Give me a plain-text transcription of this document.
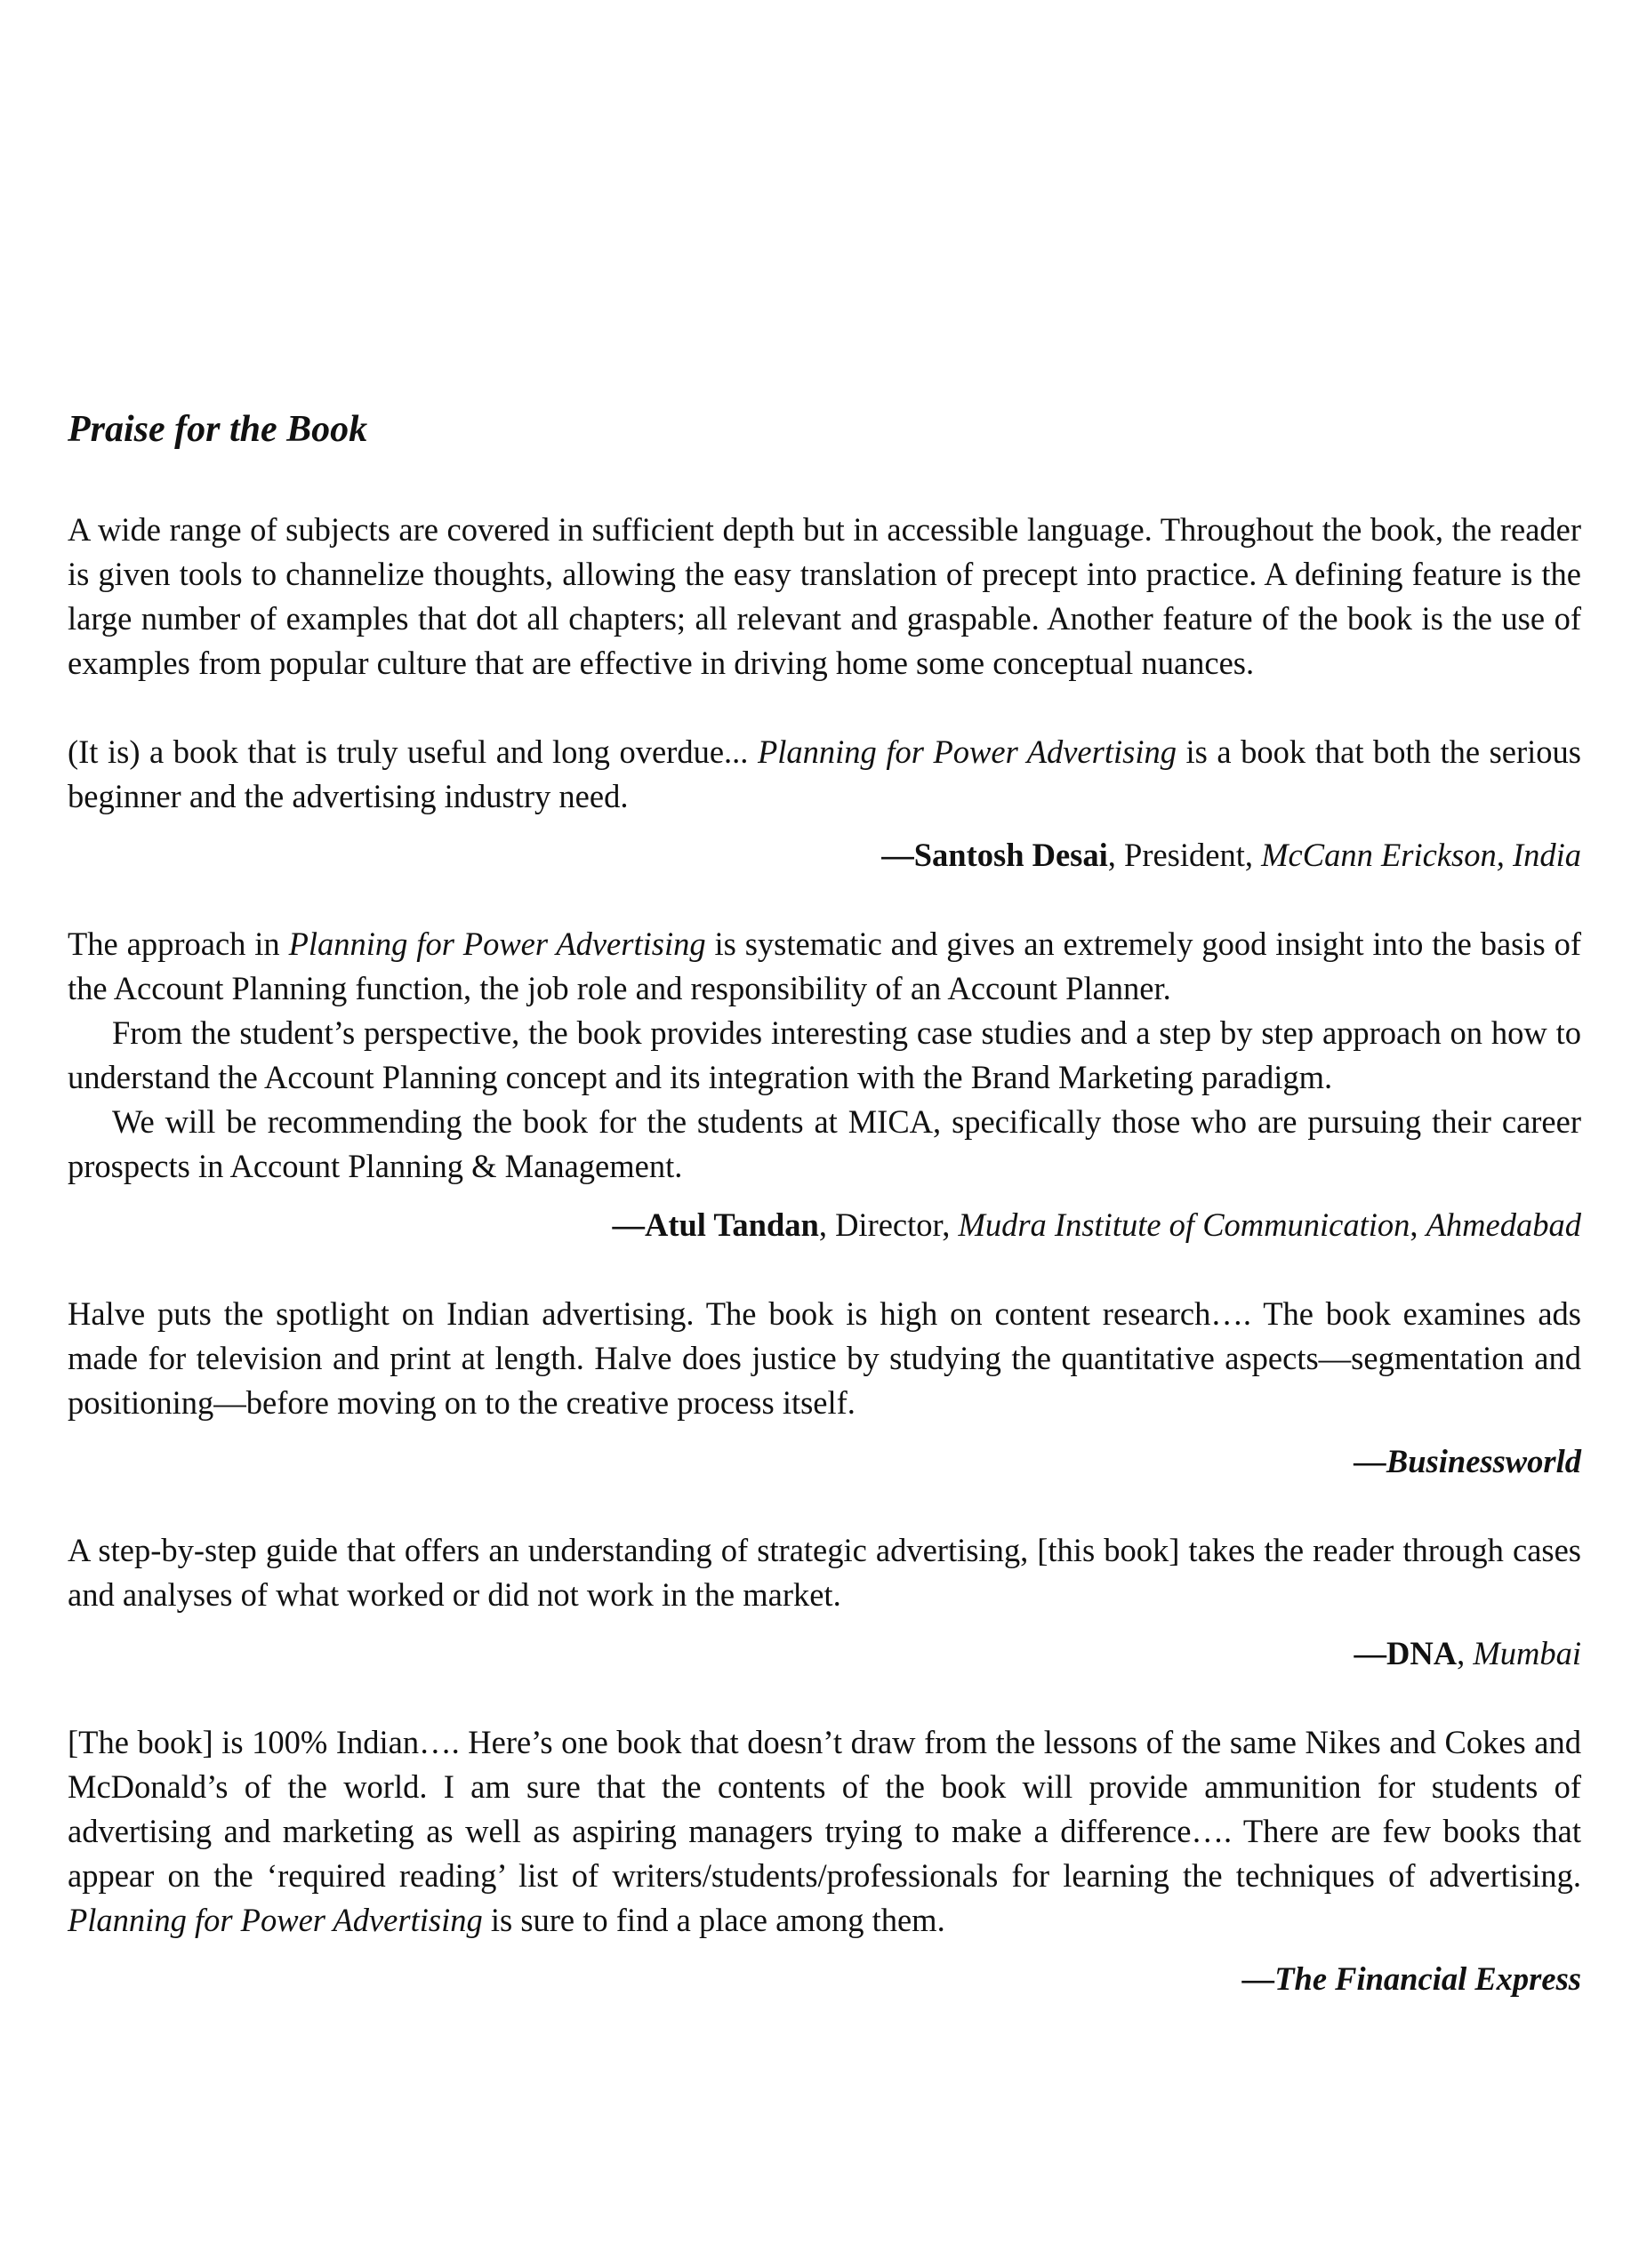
Praise for the Book

A wide range of subjects are covered in sufficient depth but in accessible language. Throughout the book, the reader is given tools to channelize thoughts, allowing the easy translation of precept into practice. A defining feature is the large number of examples that dot all chapters; all relevant and graspable. Another feature of the book is the use of examples from popular culture that are effective in driving home some conceptual nuances.

(It is) a book that is truly useful and long overdue... Planning for Power Advertising is a book that both the serious beginner and the advertising industry need.

—Santosh Desai, President, McCann Erickson, India

The approach in Planning for Power Advertising is systematic and gives an extremely good insight into the basis of the Account Planning function, the job role and responsibility of an Account Planner.

From the student’s perspective, the book provides interesting case studies and a step by step approach on how to understand the Account Planning concept and its integration with the Brand Marketing paradigm.

We will be recommending the book for the students at MICA, specifically those who are pursuing their career prospects in Account Planning & Management.

—Atul Tandan, Director, Mudra Institute of Communication, Ahmedabad

Halve puts the spotlight on Indian advertising. The book is high on content research…. The book examines ads made for television and print at length. Halve does justice by studying the quantitative aspects—segmentation and positioning—before moving on to the creative process itself.

—Businessworld

A step-by-step guide that offers an understanding of strategic advertising, [this book] takes the reader through cases and analyses of what worked or did not work in the market.

—DNA, Mumbai

[The book] is 100% Indian…. Here’s one book that doesn’t draw from the lessons of the same Nikes and Cokes and McDonald’s of the world. I am sure that the contents of the book will provide ammunition for students of advertising and marketing as well as aspiring managers trying to make a difference…. There are few books that appear on the ‘required reading’ list of writers/students/professionals for learning the techniques of advertising. Planning for Power Advertising is sure to find a place among them.

—The Financial Express
